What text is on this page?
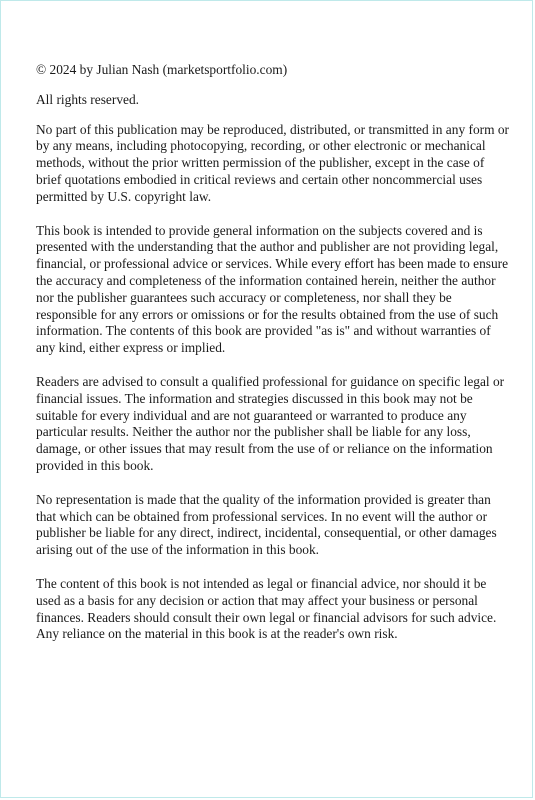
© 2024 by Julian Nash (marketsportfolio.com)

All rights reserved.

No part of this publication may be reproduced, distributed, or transmitted in any form or by any means, including photocopying, recording, or other electronic or mechanical methods, without the prior written permission of the publisher, except in the case of brief quotations embodied in critical reviews and certain other noncommercial uses permitted by U.S. copyright law.

This book is intended to provide general information on the subjects covered and is presented with the understanding that the author and publisher are not providing legal, financial, or professional advice or services. While every effort has been made to ensure the accuracy and completeness of the information contained herein, neither the author nor the publisher guarantees such accuracy or completeness, nor shall they be responsible for any errors or omissions or for the results obtained from the use of such information. The contents of this book are provided "as is" and without warranties of any kind, either express or implied.

Readers are advised to consult a qualified professional for guidance on specific legal or financial issues. The information and strategies discussed in this book may not be suitable for every individual and are not guaranteed or warranted to produce any particular results. Neither the author nor the publisher shall be liable for any loss, damage, or other issues that may result from the use of or reliance on the information provided in this book.

No representation is made that the quality of the information provided is greater than that which can be obtained from professional services. In no event will the author or publisher be liable for any direct, indirect, incidental, consequential, or other damages arising out of the use of the information in this book.

The content of this book is not intended as legal or financial advice, nor should it be used as a basis for any decision or action that may affect your business or personal finances. Readers should consult their own legal or financial advisors for such advice. Any reliance on the material in this book is at the reader's own risk.
